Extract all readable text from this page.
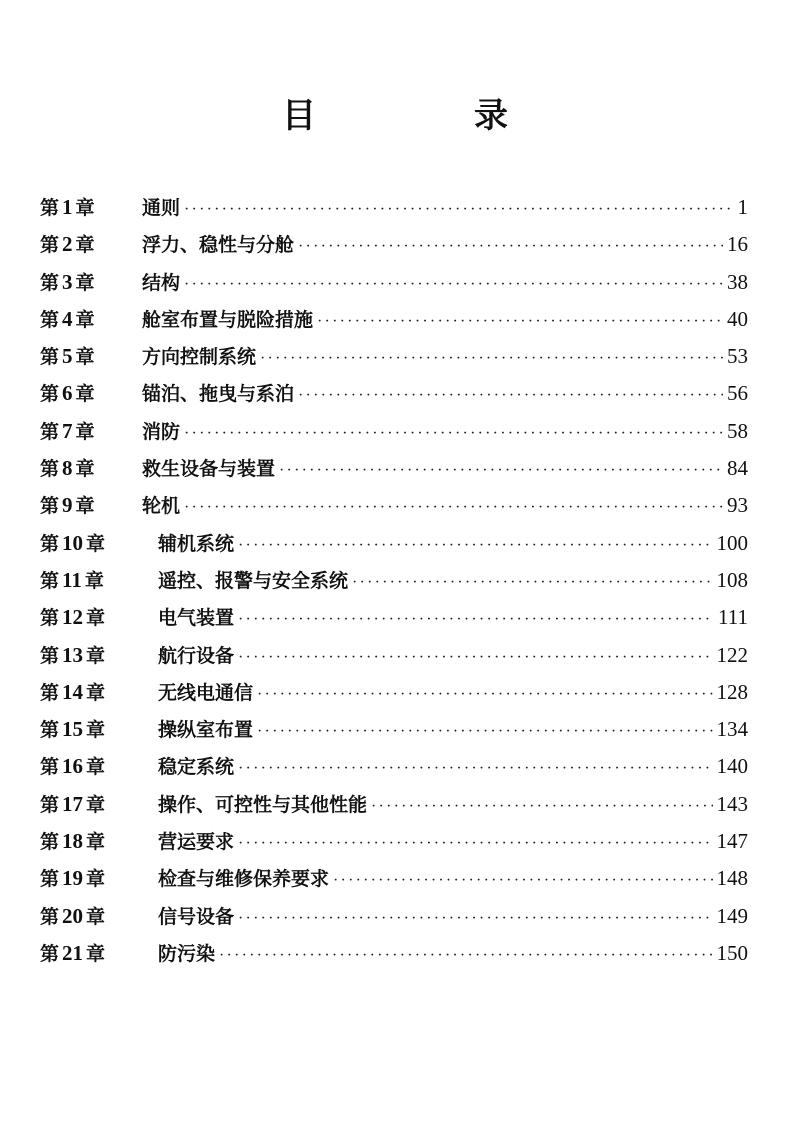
目　录
第 1 章	通则 ·····	1
第 2 章	浮力、稳性与分舱 ·····	16
第 3 章	结构 ·····	38
第 4 章	舱室布置与脱险措施 ·····	40
第 5 章	方向控制系统 ·····	53
第 6 章	锚泊、拖曳与系泊 ·····	56
第 7 章	消防 ·····	58
第 8 章	救生设备与装置 ·····	84
第 9 章	轮机 ·····	93
第 10 章	辅机系统 ·····	100
第 11 章	遥控、报警与安全系统 ·····	108
第 12 章	电气装置 ·····	111
第 13 章	航行设备 ·····	122
第 14 章	无线电通信 ·····	128
第 15 章	操纵室布置 ·····	134
第 16 章	稳定系统 ·····	140
第 17 章	操作、可控性与其他性能 ·····	143
第 18 章	营运要求 ·····	147
第 19 章	检查与维修保养要求 ·····	148
第 20 章	信号设备 ·····	149
第 21 章	防污染 ·····	150
